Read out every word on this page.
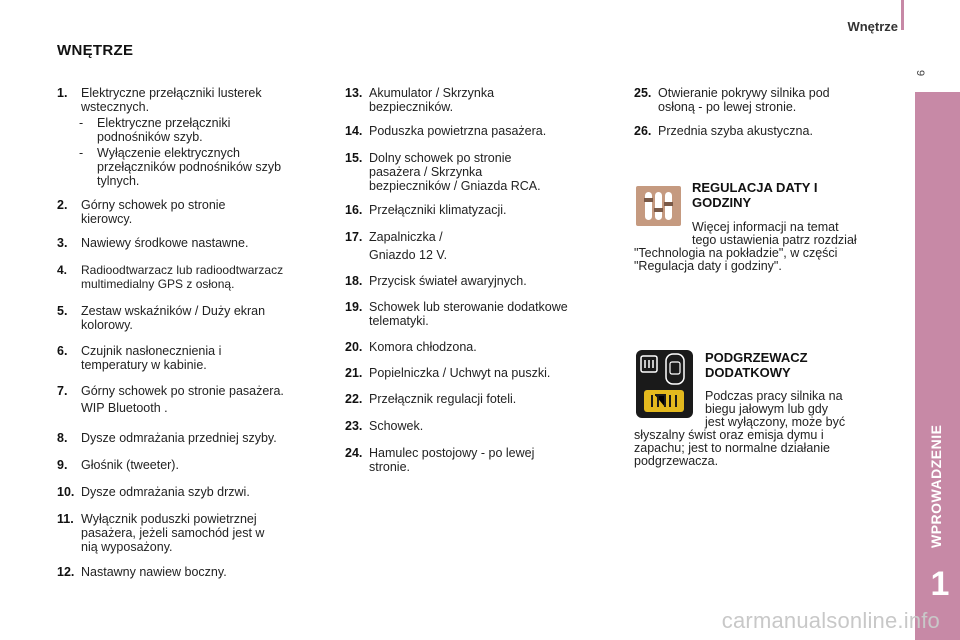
Wnętrze
9
WPROWADZENIE
1
WNĘTRZE
1. Elektryczne przełączniki lusterek
wstecznych.
- Elektryczne przełączniki
podnośników szyb.
- Wyłączenie elektrycznych
przełączników podnośników szyb
tylnych.
2. Górny schowek po stronie
kierowcy.
3. Nawiewy środkowe nastawne.
4. Radioodtwarzacz lub radioodtwarzacz
multimedialny GPS z osłoną.
5. Zestaw wskaźników / Duży ekran
kolorowy.
6. Czujnik nasłonecznienia i
temperatury w kabinie.
7. Górny schowek po stronie pasażera.
WIP Bluetooth .
8. Dysze odmrażania przedniej szyby.
9. Głośnik (tweeter).
10. Dysze odmrażania szyb drzwi.
11. Wyłącznik poduszki powietrznej
pasażera, jeżeli samochód jest w
nią wyposażony.
12. Nastawny nawiew boczny.
13. Akumulator / Skrzynka
bezpieczników.
14. Poduszka powietrzna pasażera.
15. Dolny schowek po stronie
pasażera / Skrzynka
bezpieczników / Gniazda RCA.
16. Przełączniki klimatyzacji.
17. Zapalniczka /
Gniazdo 12 V.
18. Przycisk świateł awaryjnych.
19. Schowek lub sterowanie dodatkowe
telematyki.
20. Komora chłodzona.
21. Popielniczka / Uchwyt na puszki.
22. Przełącznik regulacji foteli.
23. Schowek.
24. Hamulec postojowy - po lewej
stronie.
25. Otwieranie pokrywy silnika pod
osłoną - po lewej stronie.
26. Przednia szyba akustyczna.
REGULACJA DATY I
GODZINY
Więcej informacji na temat
tego ustawienia patrz rozdział
"Technologia na pokładzie", w części
"Regulacja daty i godziny".
PODGRZEWACZ
DODATKOWY
Podczas pracy silnika na
biegu jałowym lub gdy
jest wyłączony, może być
słyszalny świst oraz emisja dymu i
zapachu; jest to normalne działanie
podgrzewacza.
carmanualsonline.info
